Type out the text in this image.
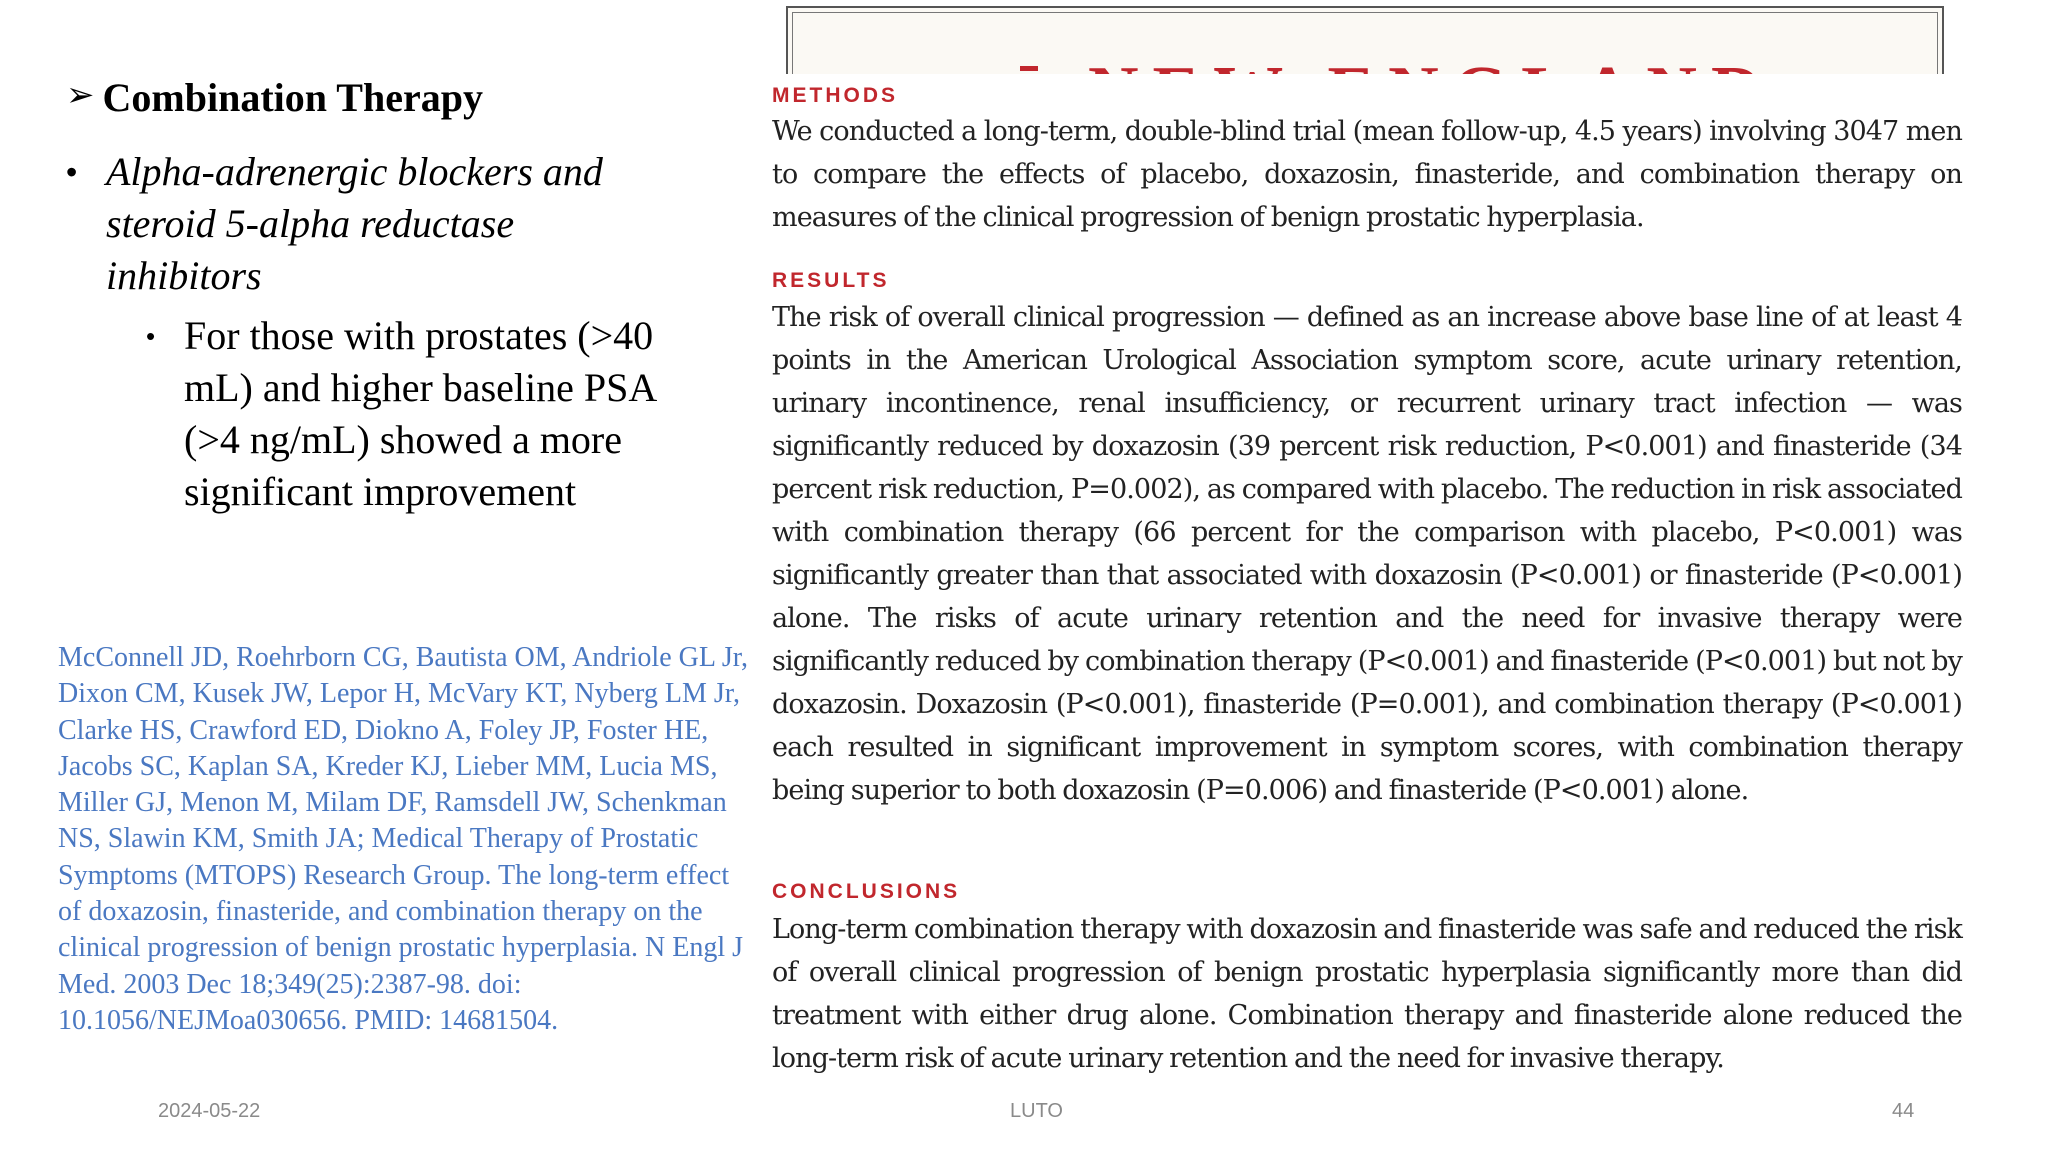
➢ Combination Therapy
• Alpha-adrenergic blockers and steroid 5-alpha reductase inhibitors
• For those with prostates (>40 mL) and higher baseline PSA (>4 ng/mL) showed a more significant improvement
McConnell JD, Roehrborn CG, Bautista OM, Andriole GL Jr, Dixon CM, Kusek JW, Lepor H, McVary KT, Nyberg LM Jr, Clarke HS, Crawford ED, Diokno A, Foley JP, Foster HE, Jacobs SC, Kaplan SA, Kreder KJ, Lieber MM, Lucia MS, Miller GJ, Menon M, Milam DF, Ramsdell JW, Schenkman NS, Slawin KM, Smith JA; Medical Therapy of Prostatic Symptoms (MTOPS) Research Group. The long-term effect of doxazosin, finasteride, and combination therapy on the clinical progression of benign prostatic hyperplasia. N Engl J Med. 2003 Dec 18;349(25):2387-98. doi: 10.1056/NEJMoa030656. PMID: 14681504.
METHODS
We conducted a long-term, double-blind trial (mean follow-up, 4.5 years) involving 3047 men to compare the effects of placebo, doxazosin, finasteride, and combination therapy on measures of the clinical progression of benign prostatic hyperplasia.
RESULTS
The risk of overall clinical progression — defined as an increase above base line of at least 4 points in the American Urological Association symptom score, acute urinary retention, urinary incontinence, renal insufficiency, or recurrent urinary tract infection — was significantly reduced by doxazosin (39 percent risk reduction, P<0.001) and finasteride (34 percent risk reduction, P=0.002), as compared with placebo. The reduction in risk associated with combination therapy (66 percent for the comparison with placebo, P<0.001) was significantly greater than that associated with doxazosin (P<0.001) or finasteride (P<0.001) alone. The risks of acute urinary retention and the need for invasive therapy were significantly reduced by combination therapy (P<0.001) and finasteride (P<0.001) but not by doxazosin. Doxazosin (P<0.001), finasteride (P=0.001), and combination therapy (P<0.001) each resulted in significant improvement in symptom scores, with combination therapy being superior to both doxazosin (P=0.006) and finasteride (P<0.001) alone.
CONCLUSIONS
Long-term combination therapy with doxazosin and finasteride was safe and reduced the risk of overall clinical progression of benign prostatic hyperplasia significantly more than did treatment with either drug alone. Combination therapy and finasteride alone reduced the long-term risk of acute urinary retention and the need for invasive therapy.
2024-05-22	LUTO	44
